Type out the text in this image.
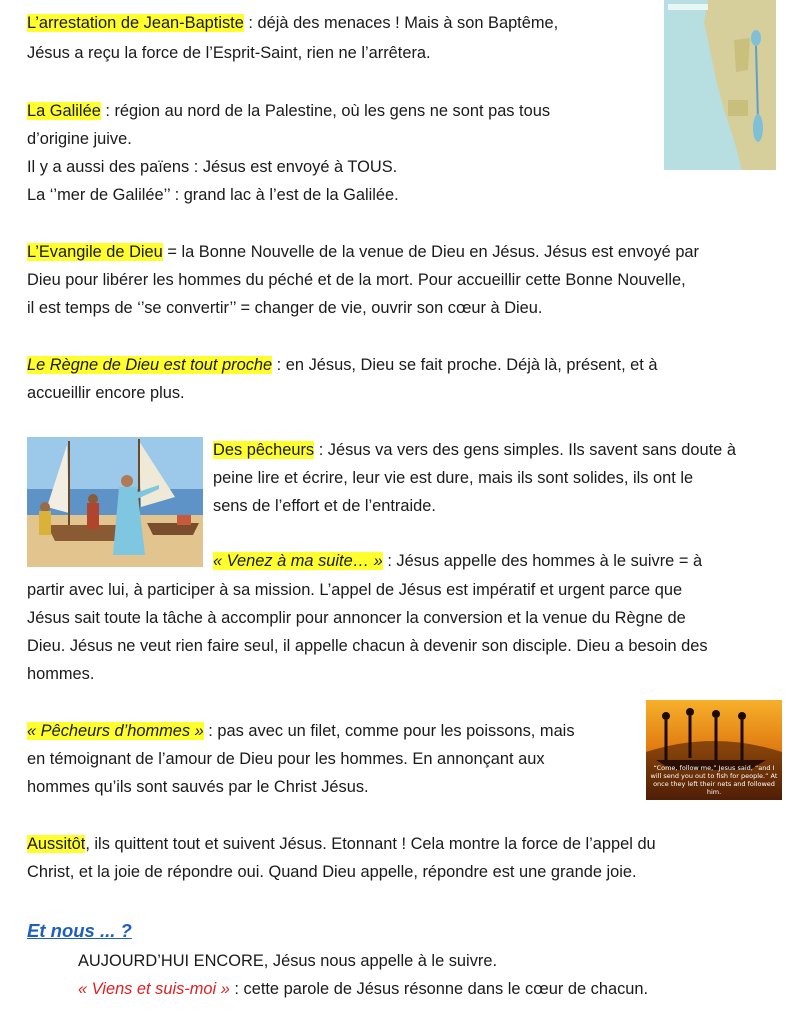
L’arrestation de Jean-Baptiste : déjà des menaces ! Mais à son Baptême,
Jésus a reçu la force de l’Esprit-Saint, rien ne l’arrêtera.
La Galilée : région au nord de la Palestine, où les gens ne sont pas tous
d’origine juive.
Il y a aussi des païens : Jésus est envoyé à TOUS.
La ‘’mer de Galilée’’ : grand lac à l’est de la Galilée.
L’Evangile de Dieu = la Bonne Nouvelle de la venue de Dieu en Jésus. Jésus est envoyé par
Dieu pour libérer les hommes du péché et de la mort. Pour accueillir cette Bonne Nouvelle,
il est temps de ‘’se convertir’’ = changer de vie, ouvrir son cœur à Dieu.
Le Règne de Dieu est tout proche : en Jésus, Dieu se fait proche. Déjà là, présent, et à
accueillir encore plus.
Des pêcheurs : Jésus va vers des gens simples. Ils savent sans doute à
peine lire et écrire, leur vie est dure, mais ils sont solides, ils ont le
sens de l’effort et de l’entraide.
« Venez à ma suite… » : Jésus appelle des hommes à le suivre = à
partir avec lui, à participer à sa mission. L’appel de Jésus est impératif et urgent parce que
Jésus sait toute la tâche à accomplir pour annoncer la conversion et la venue du Règne de
Dieu. Jésus ne veut rien faire seul, il appelle chacun à devenir son disciple. Dieu a besoin des
hommes.
« Pêcheurs d’hommes » : pas avec un filet, comme pour les poissons, mais
en témoignant de l’amour de Dieu pour les hommes. En annonçant aux
hommes qu’ils sont sauvés par le Christ Jésus.
“Come, follow me,” Jesus said, “and I will send you out to fish for people.” At once they left their nets and followed him.
Aussitôt, ils quittent tout et suivent Jésus. Etonnant ! Cela montre la force de l’appel du
Christ, et la joie de répondre oui. Quand Dieu appelle, répondre est une grande joie.
Et nous ... ?
AUJOURD’HUI ENCORE, Jésus nous appelle à le suivre.
« Viens et suis-moi » : cette parole de Jésus résonne dans le cœur de chacun.
